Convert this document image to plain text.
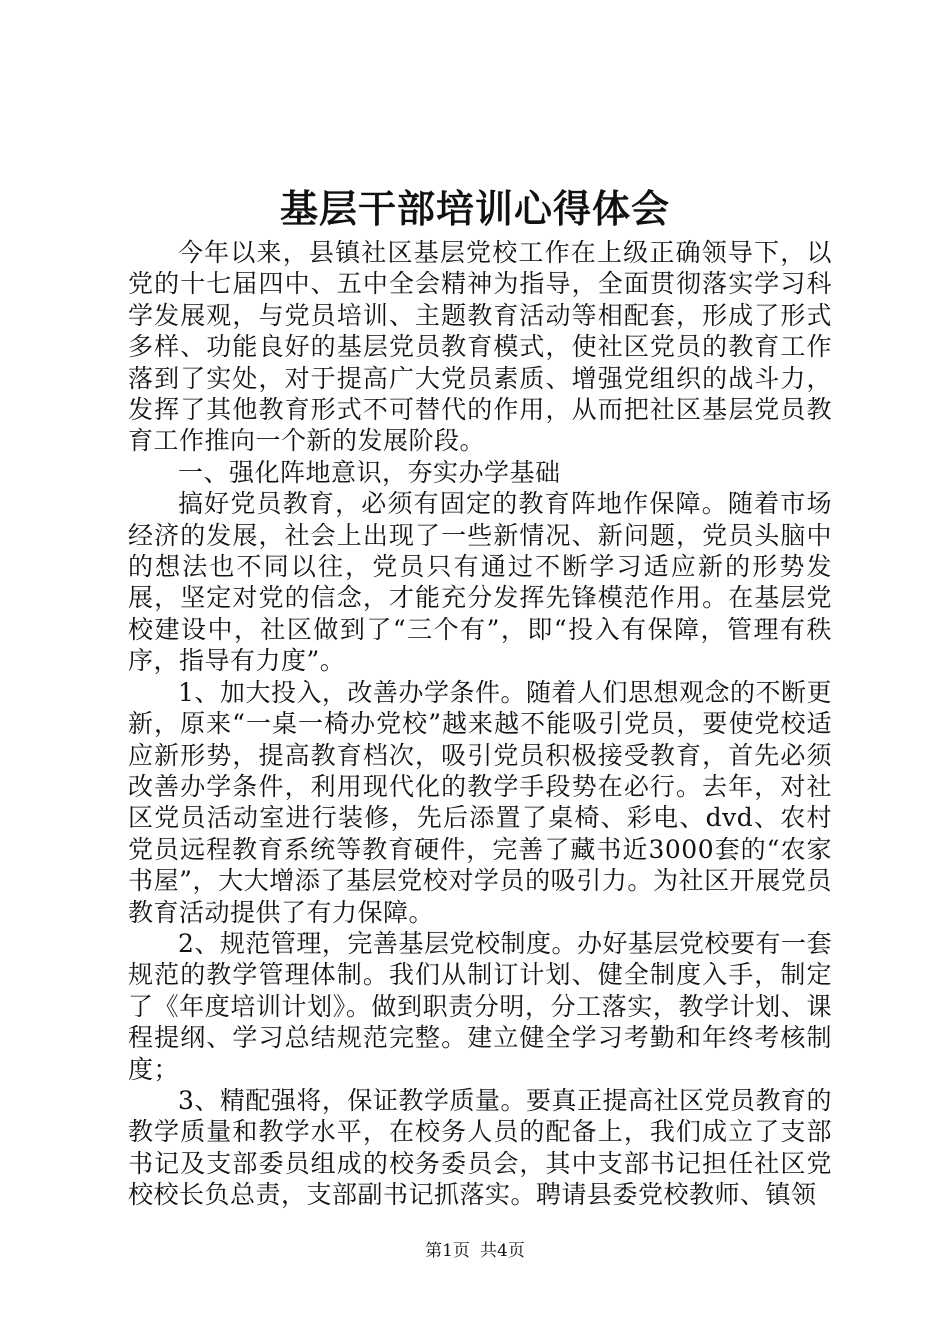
基层干部培训心得体会

今年以来，县镇社区基层党校工作在上级正确领导下，以党的十七届四中、五中全会精神为指导，全面贯彻落实学习科学发展观，与党员培训、主题教育活动等相配套，形成了形式多样、功能良好的基层党员教育模式，使社区党员的教育工作落到了实处，对于提高广大党员素质、增强党组织的战斗力，发挥了其他教育形式不可替代的作用，从而把社区基层党员教育工作推向一个新的发展阶段。

一、强化阵地意识，夯实办学基础

搞好党员教育，必须有固定的教育阵地作保障。随着市场经济的发展，社会上出现了一些新情况、新问题，党员头脑中的想法也不同以往，党员只有通过不断学习适应新的形势发展，坚定对党的信念，才能充分发挥先锋模范作用。在基层党校建设中，社区做到了“三个有”，即“投入有保障，管理有秩序，指导有力度”。

1、加大投入，改善办学条件。随着人们思想观念的不断更新，原来“一桌一椅办党校”越来越不能吸引党员，要使党校适应新形势，提高教育档次，吸引党员积极接受教育，首先必须改善办学条件，利用现代化的教学手段势在必行。去年，对社区党员活动室进行装修，先后添置了桌椅、彩电、dvd、农村党员远程教育系统等教育硬件，完善了藏书近3000套的“农家书屋”，大大增添了基层党校对学员的吸引力。为社区开展党员教育活动提供了有力保障。

2、规范管理，完善基层党校制度。办好基层党校要有一套规范的教学管理体制。我们从制订计划、健全制度入手，制定了《年度培训计划》。做到职责分明，分工落实，教学计划、课程提纲、学习总结规范完整。建立健全学习考勤和年终考核制度；

3、精配强将，保证教学质量。要真正提高社区党员教育的教学质量和教学水平，在校务人员的配备上，我们成立了支部书记及支部委员组成的校务委员会，其中支部书记担任社区党校校长负总责，支部副书记抓落实。聘请县委党校教师、镇领

第1页 共4页
